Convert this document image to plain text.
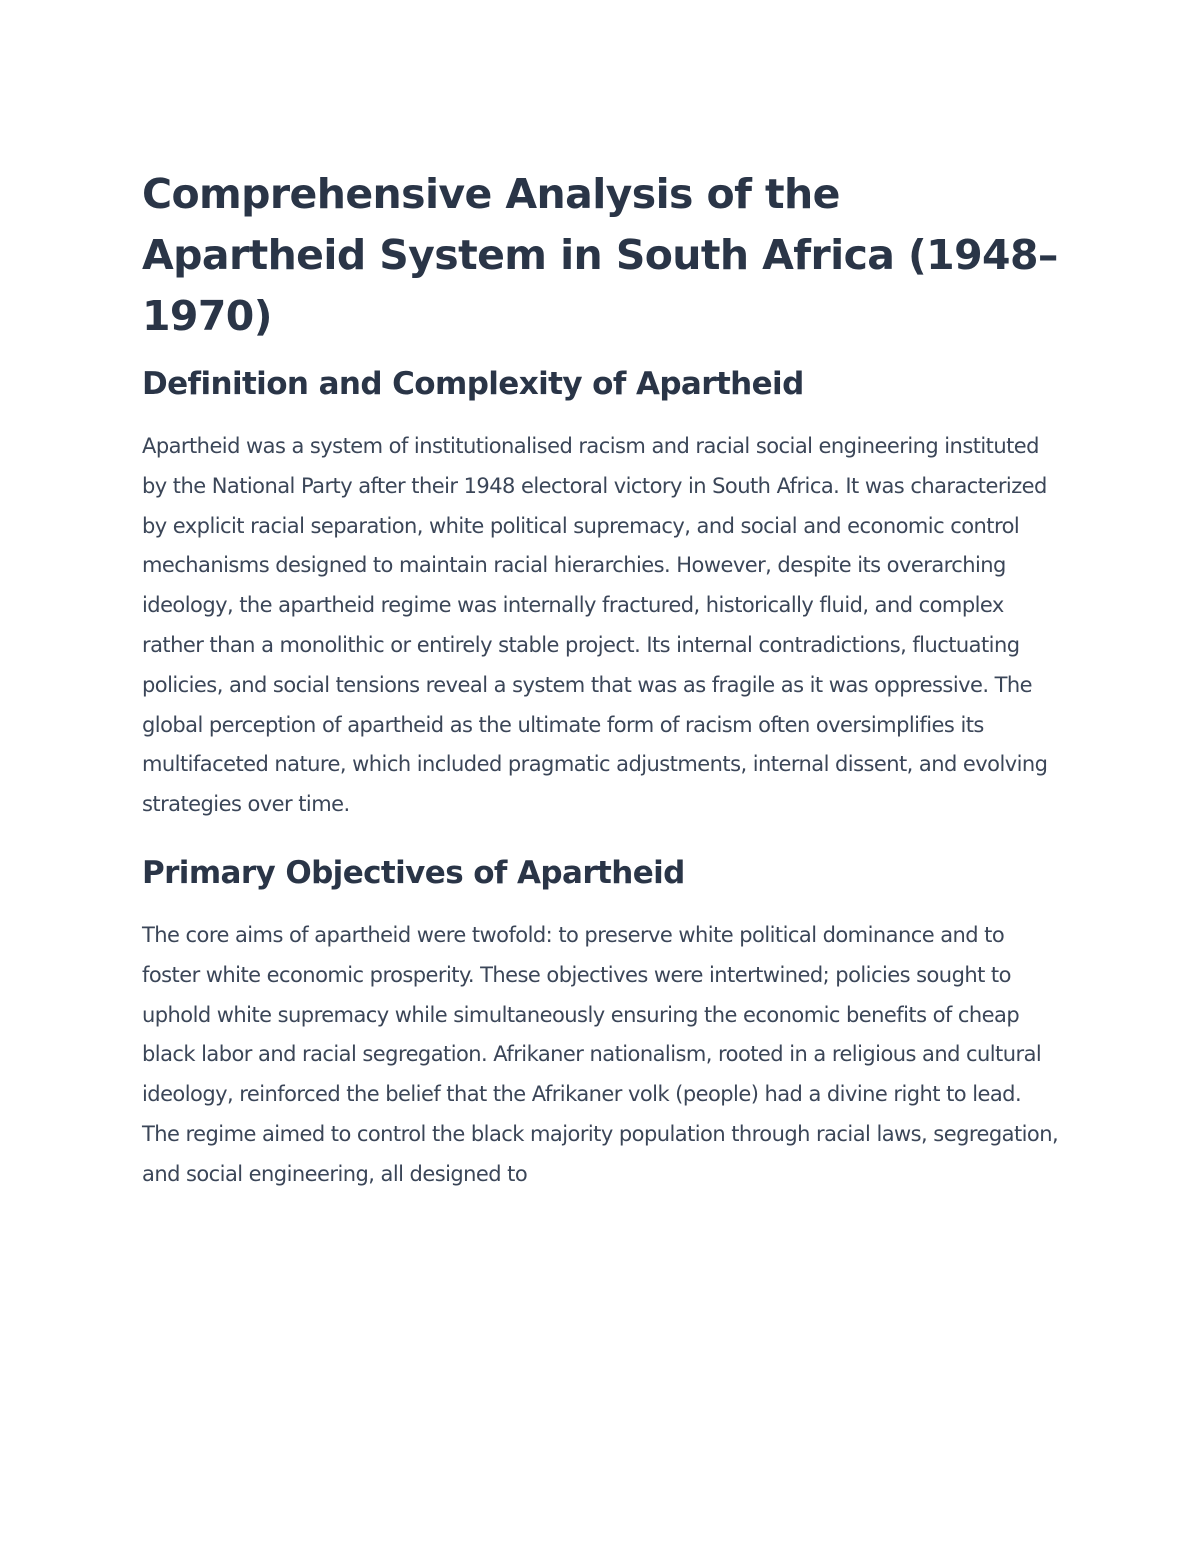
Comprehensive Analysis of the Apartheid System in South Africa (1948–1970)
Definition and Complexity of Apartheid

Apartheid was a system of institutionalised racism and racial social engineering instituted by the National Party after their 1948 electoral victory in South Africa. It was characterized by explicit racial separation, white political supremacy, and social and economic control mechanisms designed to maintain racial hierarchies. However, despite its overarching ideology, the apartheid regime was internally fractured, historically fluid, and complex rather than a monolithic or entirely stable project. Its internal contradictions, fluctuating policies, and social tensions reveal a system that was as fragile as it was oppressive. The global perception of apartheid as the ultimate form of racism often oversimplifies its multifaceted nature, which included pragmatic adjustments, internal dissent, and evolving strategies over time.

Primary Objectives of Apartheid

The core aims of apartheid were twofold: to preserve white political dominance and to foster white economic prosperity. These objectives were intertwined; policies sought to uphold white supremacy while simultaneously ensuring the economic benefits of cheap black labor and racial segregation. Afrikaner nationalism, rooted in a religious and cultural ideology, reinforced the belief that the Afrikaner volk (people) had a divine right to lead. The regime aimed to control the black majority population through racial laws, segregation, and social engineering, all designed to
